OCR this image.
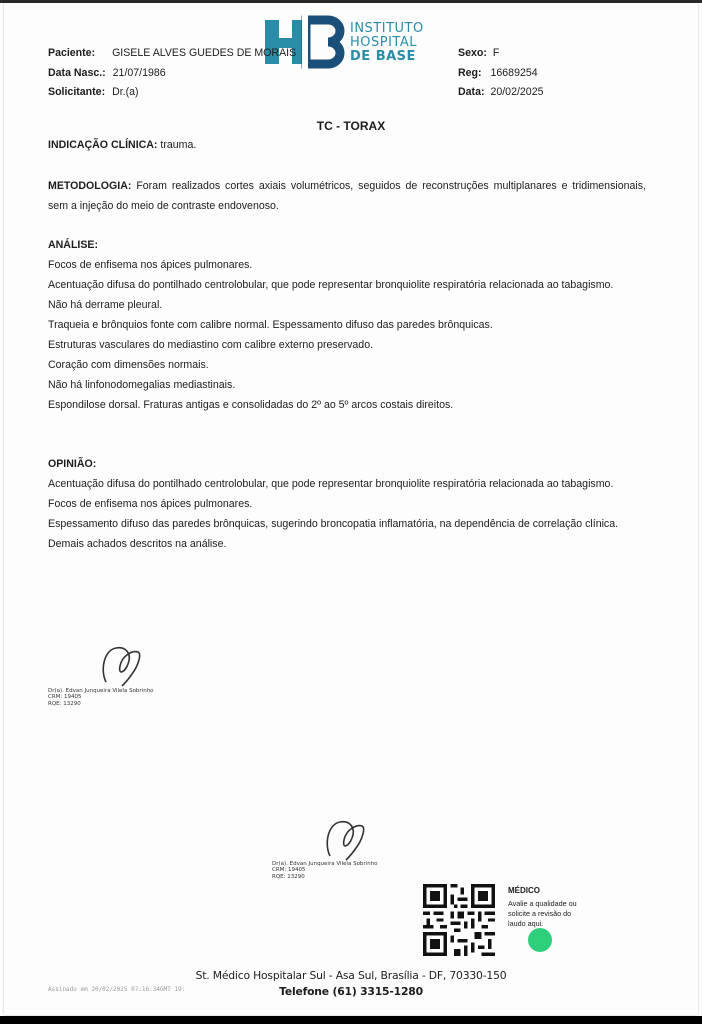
INSTITUTO
HOSPITAL
DE BASE
Paciente: GISELE ALVES GUEDES DE MORAIS
Data Nasc.: 21/07/1986
Solicitante: Dr.(a)
Sexo: F
Reg: 16689254
Data: 20/02/2025
TC - TORAX
INDICAÇÃO CLÍNICA: trauma.
METODOLOGIA: Foram realizados cortes axiais volumétricos, seguidos de reconstruções multiplanares e tridimensionais, sem a injeção do meio de contraste endovenoso.
ANÁLISE:
Focos de enfisema nos ápices pulmonares.
Acentuação difusa do pontilhado centrolobular, que pode representar bronquiolite respiratória relacionada ao tabagismo.
Não há derrame pleural.
Traqueia e brônquios fonte com calibre normal. Espessamento difuso das paredes brônquicas.
Estruturas vasculares do mediastino com calibre externo preservado.
Coração com dimensões normais.
Não há linfonodomegalias mediastinais.
Espondilose dorsal. Fraturas antigas e consolidadas do 2º ao 5º arcos costais direitos.
OPINIÃO:
Acentuação difusa do pontilhado centrolobular, que pode representar bronquiolite respiratória relacionada ao tabagismo.
Focos de enfisema nos ápices pulmonares.
Espessamento difuso das paredes brônquicas, sugerindo broncopatia inflamatória, na dependência de correlação clínica.
Demais achados descritos na análise.
Dr(a). Edvan Junqueira Vilela Sobrinho
CRM: 19405
RQE: 13290
Dr(a). Edvan Junqueira Vilela Sobrinho
CRM: 19405
RQE: 13290
MÉDICO
Avalie a qualidade ou solicite a revisão do laudo aqui.
St. Médico Hospitalar Sul - Asa Sul, Brasília - DF, 70330-150
Telefone (61) 3315-1280
Assinado em 20/02/2025 07:16:34GMT 19:
